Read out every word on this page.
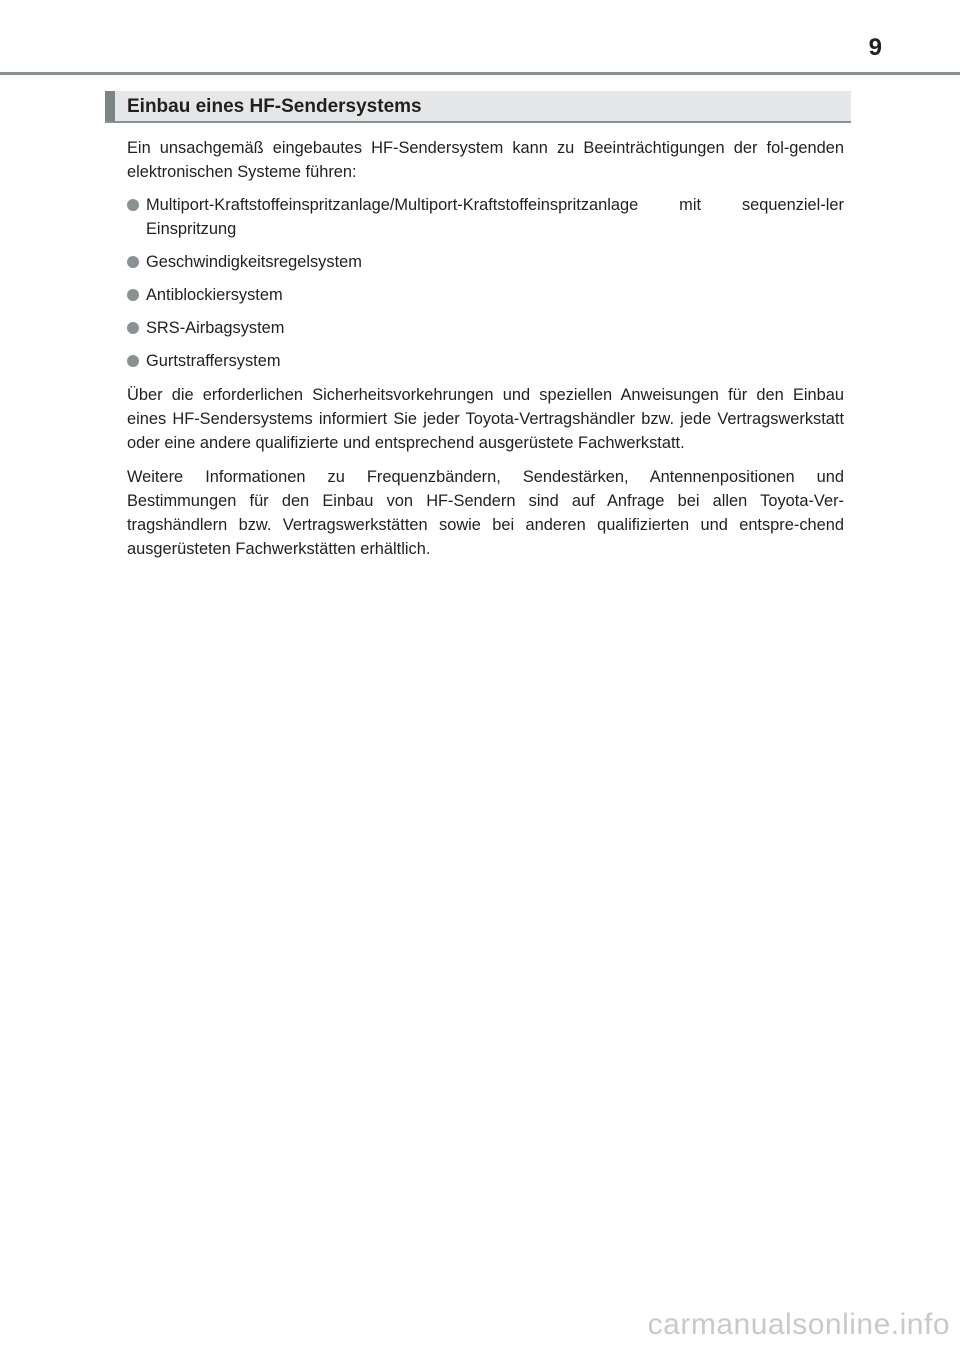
9
Einbau eines HF-Sendersystems

Ein unsachgemäß eingebautes HF-Sendersystem kann zu Beeinträchtigungen der fol-genden elektronischen Systeme führen:

Multiport-Kraftstoffeinspritzanlage/Multiport-Kraftstoffeinspritzanlage mit sequenziel-ler Einspritzung
Geschwindigkeitsregelsystem
Antiblockiersystem
SRS-Airbagsystem
Gurtstraffersystem

Über die erforderlichen Sicherheitsvorkehrungen und speziellen Anweisungen für den Einbau eines HF-Sendersystems informiert Sie jeder Toyota-Vertragshändler bzw. jede Vertragswerkstatt oder eine andere qualifizierte und entsprechend ausgerüstete Fachwerkstatt.

Weitere Informationen zu Frequenzbändern, Sendestärken, Antennenpositionen und Bestimmungen für den Einbau von HF-Sendern sind auf Anfrage bei allen Toyota-Ver-tragshändlern bzw. Vertragswerkstätten sowie bei anderen qualifizierten und entspre-chend ausgerüsteten Fachwerkstätten erhältlich.

carmanualsonline.info
